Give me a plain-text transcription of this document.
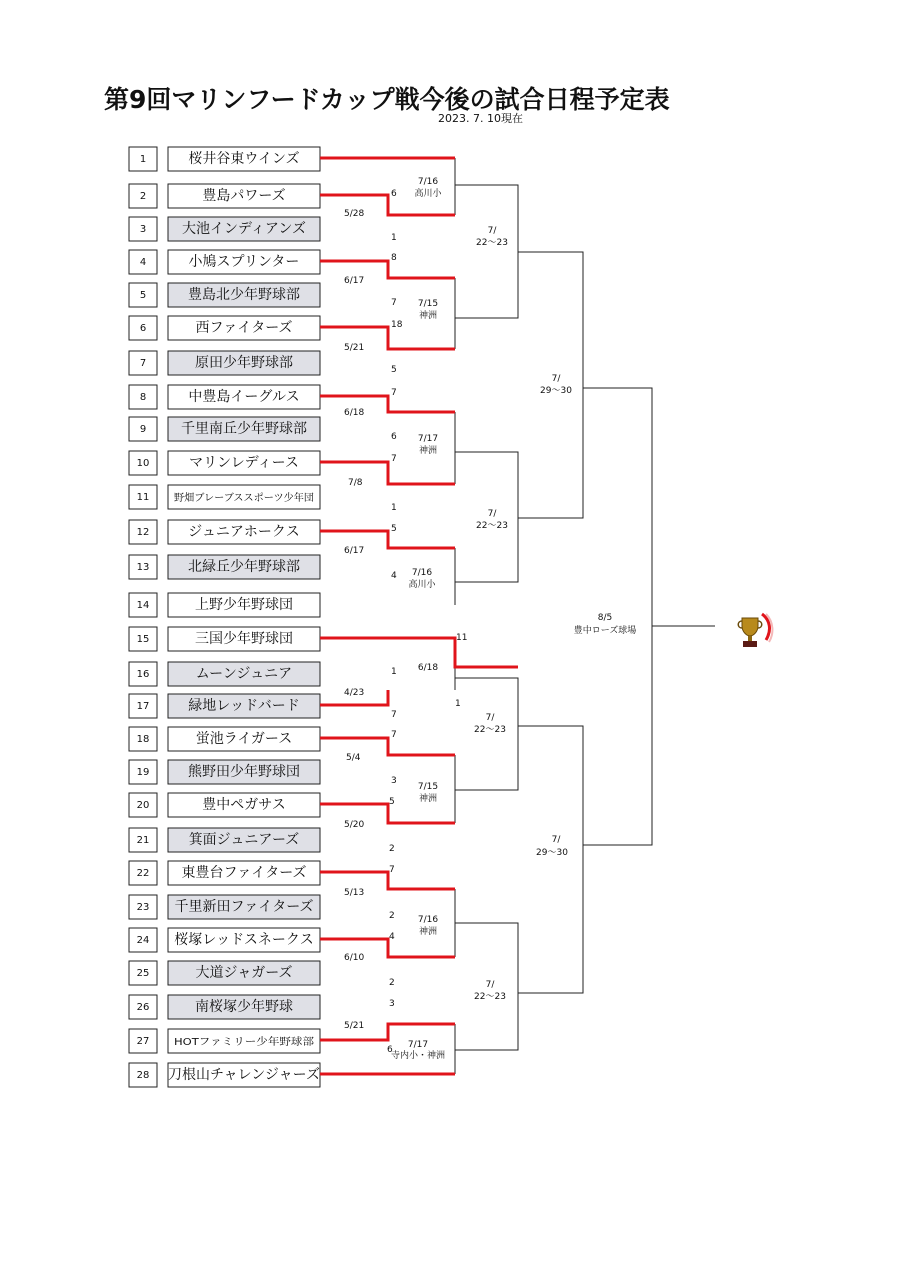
第9回マリンフードカップ戦今後の試合日程予定表
2023. 7. 10現在
1	桜井谷東ウインズ
2	豊島パワーズ
3	大池インディアンズ
4	小鳩スプリンター
5	豊島北少年野球部
6	西ファイターズ
7	原田少年野球部
8	中豊島イーグルス
9 千里南丘少年野球部
10	マリンレディース
11 野畑ブレーブススポーツ少年団
12	ジュニアホークス
13	北緑丘少年野球部
14	上野少年野球団
15	三国少年野球団
16	ムーンジュニア
17	緑地レッドバード
18	蛍池ライガース
19	熊野田少年野球団
20	豊中ペガサス
21	箕面ジュニアーズ
22 東豊台ファイターズ
23 千里新田ファイターズ
24 桜塚レッドスネークス
25	大道ジャガーズ
26	南桜塚少年野球
27 HOTファミリー少年野球部
28 刀根山チャレンジャーズ
5/28
6/17
5/21
6/18
7/8
6/17
4/23
5/4
5/20
5/13
6/10
5/21
7/16
高川小
7/15
神洲
7/17
神洲
7/16
高川小
6/18
7/15
神洲
7/16
神洲
7/17
寺内小・神洲
7/
22〜23
7/
22〜23
7/
22〜23
7/
22〜23
7/
29〜30
7/
29〜30
8/5
豊中ローズ球場
6
1
8
7
18
5
7
6
7
1
5
4
11
1
7
1
7
3
5
2
7
2
4
2
3
6
